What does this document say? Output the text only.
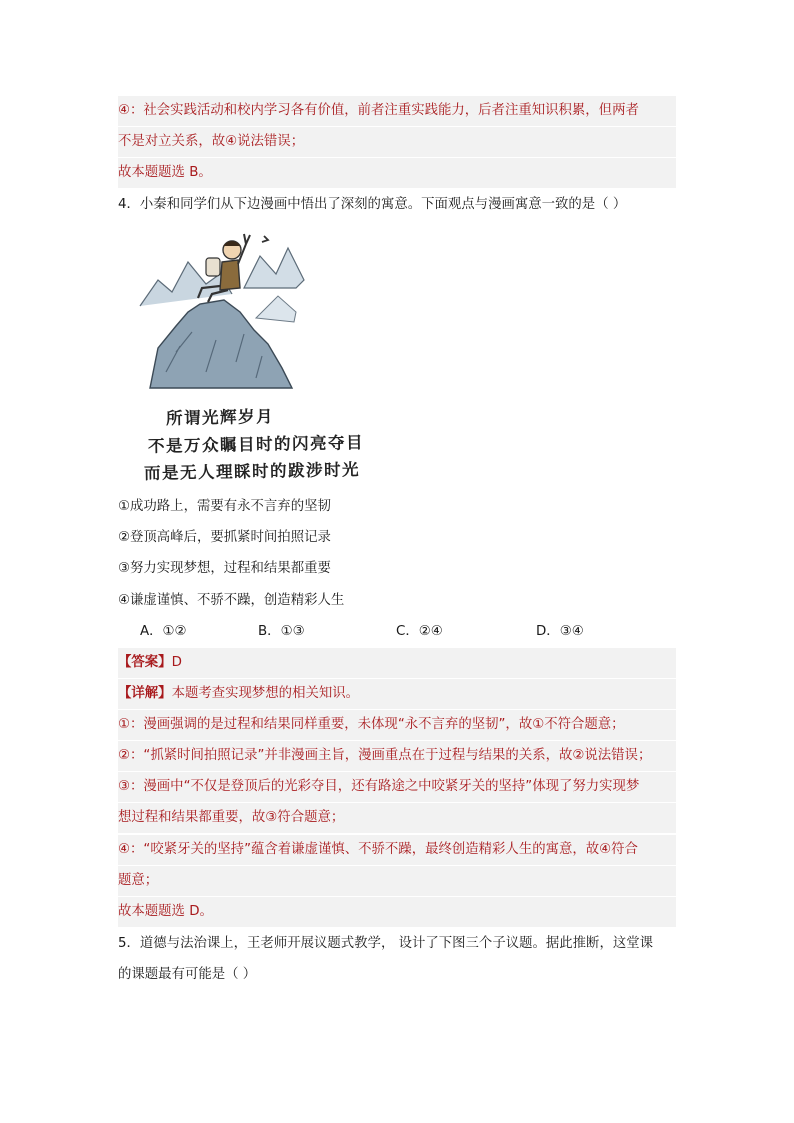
④：社会实践活动和校内学习各有价值，前者注重实践能力，后者注重知识积累，但两者
不是对立关系，故④说法错误；
故本题题选 B。
4．小秦和同学们从下边漫画中悟出了深刻的寓意。下面观点与漫画寓意一致的是（ ）
所谓光辉岁月
不是万众瞩目时的闪亮夺目
而是无人理睬时的跋涉时光
①成功路上，需要有永不言弃的坚韧
②登顶高峰后，要抓紧时间拍照记录
③努力实现梦想，过程和结果都重要
④谦虚谨慎、不骄不躁，创造精彩人生
A．①②	B．①③	C．②④	D．③④
【答案】D
【详解】本题考查实现梦想的相关知识。
①：漫画强调的是过程和结果同样重要，未体现“永不言弃的坚韧”，故①不符合题意；
②：“抓紧时间拍照记录”并非漫画主旨，漫画重点在于过程与结果的关系，故②说法错误；
③：漫画中“不仅是登顶后的光彩夺目，还有路途之中咬紧牙关的坚持”体现了努力实现梦
想过程和结果都重要，故③符合题意；
④：“咬紧牙关的坚持”蕴含着谦虚谨慎、不骄不躁，最终创造精彩人生的寓意，故④符合
题意；
故本题题选 D。
5．道德与法治课上，王老师开展议题式教学， 设计了下图三个子议题。据此推断，这堂课
的课题最有可能是（ ）
